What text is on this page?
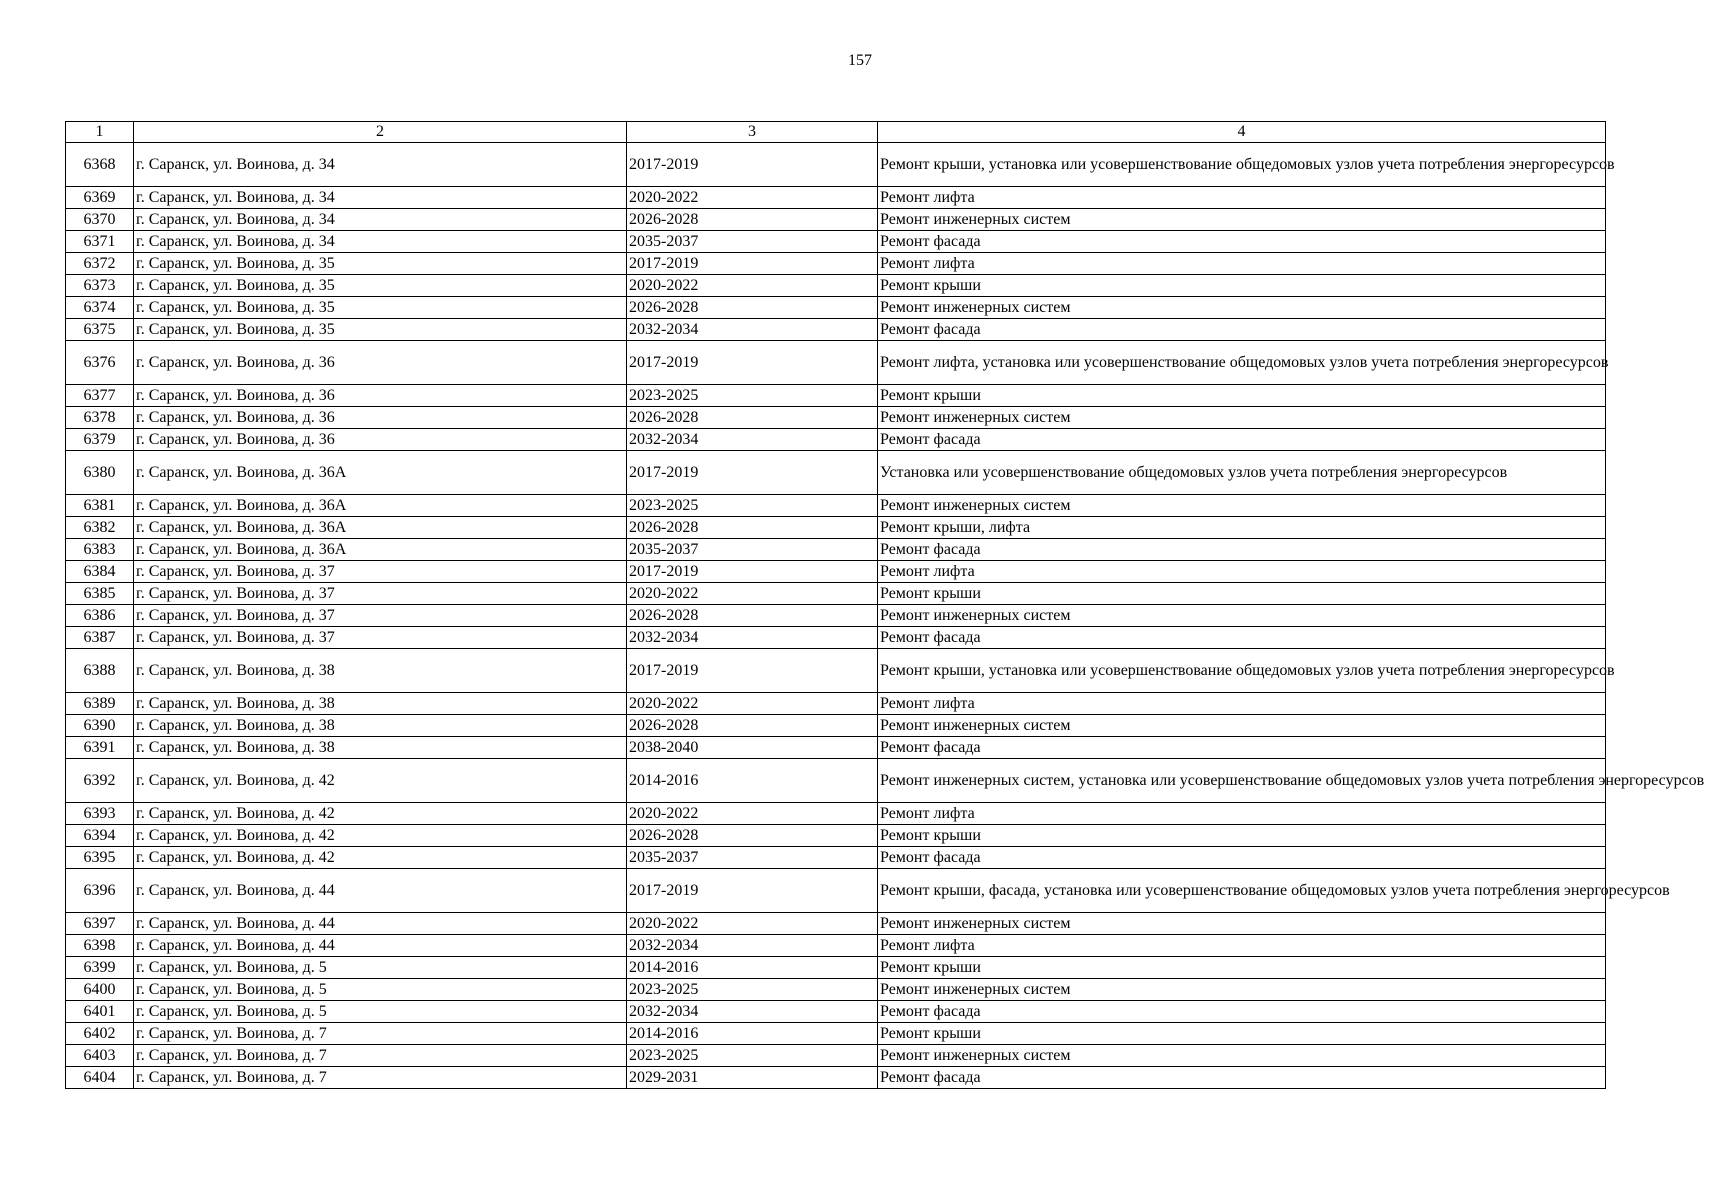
157
1	2	3	4
6368	г. Саранск, ул. Воинова, д. 34	2017-2019	Ремонт крыши, установка или усовершенствование общедомовых узлов учета потребления энергоресурсов
6369	г. Саранск, ул. Воинова, д. 34	2020-2022	Ремонт лифта
6370	г. Саранск, ул. Воинова, д. 34	2026-2028	Ремонт инженерных систем
6371	г. Саранск, ул. Воинова, д. 34	2035-2037	Ремонт фасада
6372	г. Саранск, ул. Воинова, д. 35	2017-2019	Ремонт лифта
6373	г. Саранск, ул. Воинова, д. 35	2020-2022	Ремонт крыши
6374	г. Саранск, ул. Воинова, д. 35	2026-2028	Ремонт инженерных систем
6375	г. Саранск, ул. Воинова, д. 35	2032-2034	Ремонт фасада
6376	г. Саранск, ул. Воинова, д. 36	2017-2019	Ремонт лифта, установка или усовершенствование общедомовых узлов учета потребления энергоресурсов
6377	г. Саранск, ул. Воинова, д. 36	2023-2025	Ремонт крыши
6378	г. Саранск, ул. Воинова, д. 36	2026-2028	Ремонт инженерных систем
6379	г. Саранск, ул. Воинова, д. 36	2032-2034	Ремонт фасада
6380	г. Саранск, ул. Воинова, д. 36А	2017-2019	Установка или усовершенствование общедомовых узлов учета потребления энергоресурсов
6381	г. Саранск, ул. Воинова, д. 36А	2023-2025	Ремонт инженерных систем
6382	г. Саранск, ул. Воинова, д. 36А	2026-2028	Ремонт крыши, лифта
6383	г. Саранск, ул. Воинова, д. 36А	2035-2037	Ремонт фасада
6384	г. Саранск, ул. Воинова, д. 37	2017-2019	Ремонт лифта
6385	г. Саранск, ул. Воинова, д. 37	2020-2022	Ремонт крыши
6386	г. Саранск, ул. Воинова, д. 37	2026-2028	Ремонт инженерных систем
6387	г. Саранск, ул. Воинова, д. 37	2032-2034	Ремонт фасада
6388	г. Саранск, ул. Воинова, д. 38	2017-2019	Ремонт крыши, установка или усовершенствование общедомовых узлов учета потребления энергоресурсов
6389	г. Саранск, ул. Воинова, д. 38	2020-2022	Ремонт лифта
6390	г. Саранск, ул. Воинова, д. 38	2026-2028	Ремонт инженерных систем
6391	г. Саранск, ул. Воинова, д. 38	2038-2040	Ремонт фасада
6392	г. Саранск, ул. Воинова, д. 42	2014-2016	Ремонт инженерных систем, установка или усовершенствование общедомовых узлов учета потребления энергоресурсов
6393	г. Саранск, ул. Воинова, д. 42	2020-2022	Ремонт лифта
6394	г. Саранск, ул. Воинова, д. 42	2026-2028	Ремонт крыши
6395	г. Саранск, ул. Воинова, д. 42	2035-2037	Ремонт фасада
6396	г. Саранск, ул. Воинова, д. 44	2017-2019	Ремонт крыши, фасада, установка или усовершенствование общедомовых узлов учета потребления энергоресурсов
6397	г. Саранск, ул. Воинова, д. 44	2020-2022	Ремонт инженерных систем
6398	г. Саранск, ул. Воинова, д. 44	2032-2034	Ремонт лифта
6399	г. Саранск, ул. Воинова, д. 5	2014-2016	Ремонт крыши
6400	г. Саранск, ул. Воинова, д. 5	2023-2025	Ремонт инженерных систем
6401	г. Саранск, ул. Воинова, д. 5	2032-2034	Ремонт фасада
6402	г. Саранск, ул. Воинова, д. 7	2014-2016	Ремонт крыши
6403	г. Саранск, ул. Воинова, д. 7	2023-2025	Ремонт инженерных систем
6404	г. Саранск, ул. Воинова, д. 7	2029-2031	Ремонт фасада
